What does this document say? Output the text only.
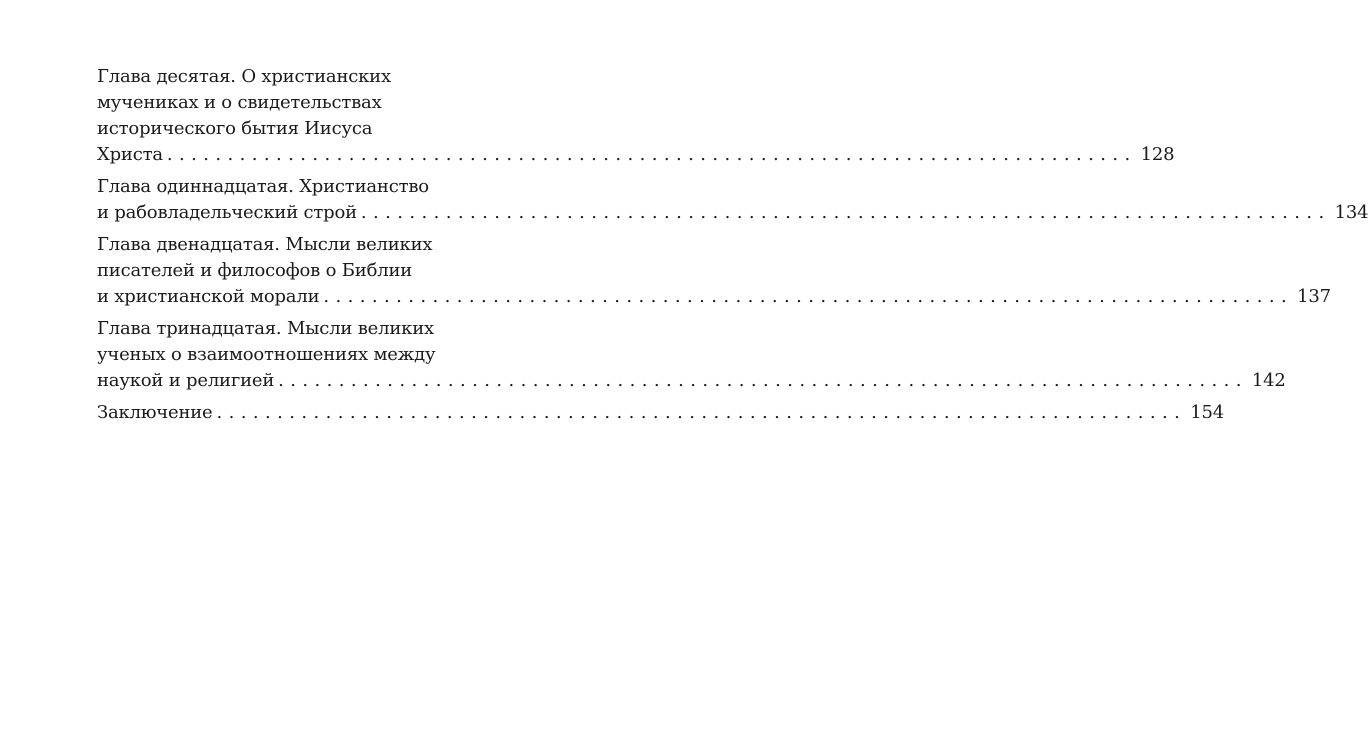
Глава десятая. О христианских
мучениках и о свидетельствах
исторического бытия Иисуса
Христа ................................................................................ 128
Глава одиннадцатая. Христианство
и рабовладельческий строй ................................................................................ 134
Глава двенадцатая. Мысли великих
писателей и философов о Библии
и христианской морали ................................................................................ 137
Глава тринадцатая. Мысли великих
ученых о взаимоотношениях между
наукой и религией ................................................................................ 142
Заключение ................................................................................ 154
